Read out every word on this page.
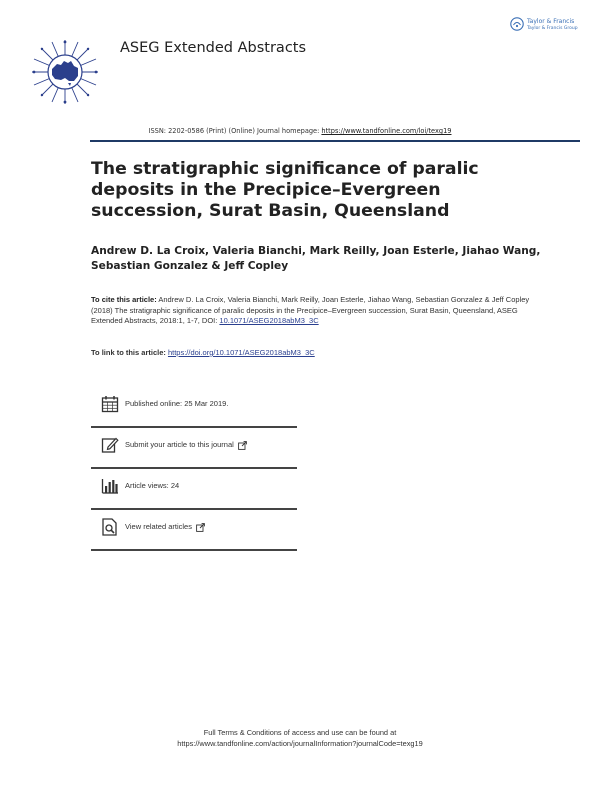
ASEG Extended Abstracts
Taylor & Francis
Taylor & Francis Group
ISSN: 2202-0586 (Print) (Online) Journal homepage: https://www.tandfonline.com/loi/texg19
The stratigraphic significance of paralic deposits in the Precipice–Evergreen succession, Surat Basin, Queensland
Andrew D. La Croix, Valeria Bianchi, Mark Reilly, Joan Esterle, Jiahao Wang, Sebastian Gonzalez & Jeff Copley
To cite this article: Andrew D. La Croix, Valeria Bianchi, Mark Reilly, Joan Esterle, Jiahao Wang, Sebastian Gonzalez & Jeff Copley (2018) The stratigraphic significance of paralic deposits in the Precipice–Evergreen succession, Surat Basin, Queensland, ASEG Extended Abstracts, 2018:1, 1-7, DOI: 10.1071/ASEG2018abM3_3C
To link to this article: https://doi.org/10.1071/ASEG2018abM3_3C
Published online: 25 Mar 2019.
Submit your article to this journal
Article views: 24
View related articles
Full Terms & Conditions of access and use can be found at
https://www.tandfonline.com/action/journalInformation?journalCode=texg19
